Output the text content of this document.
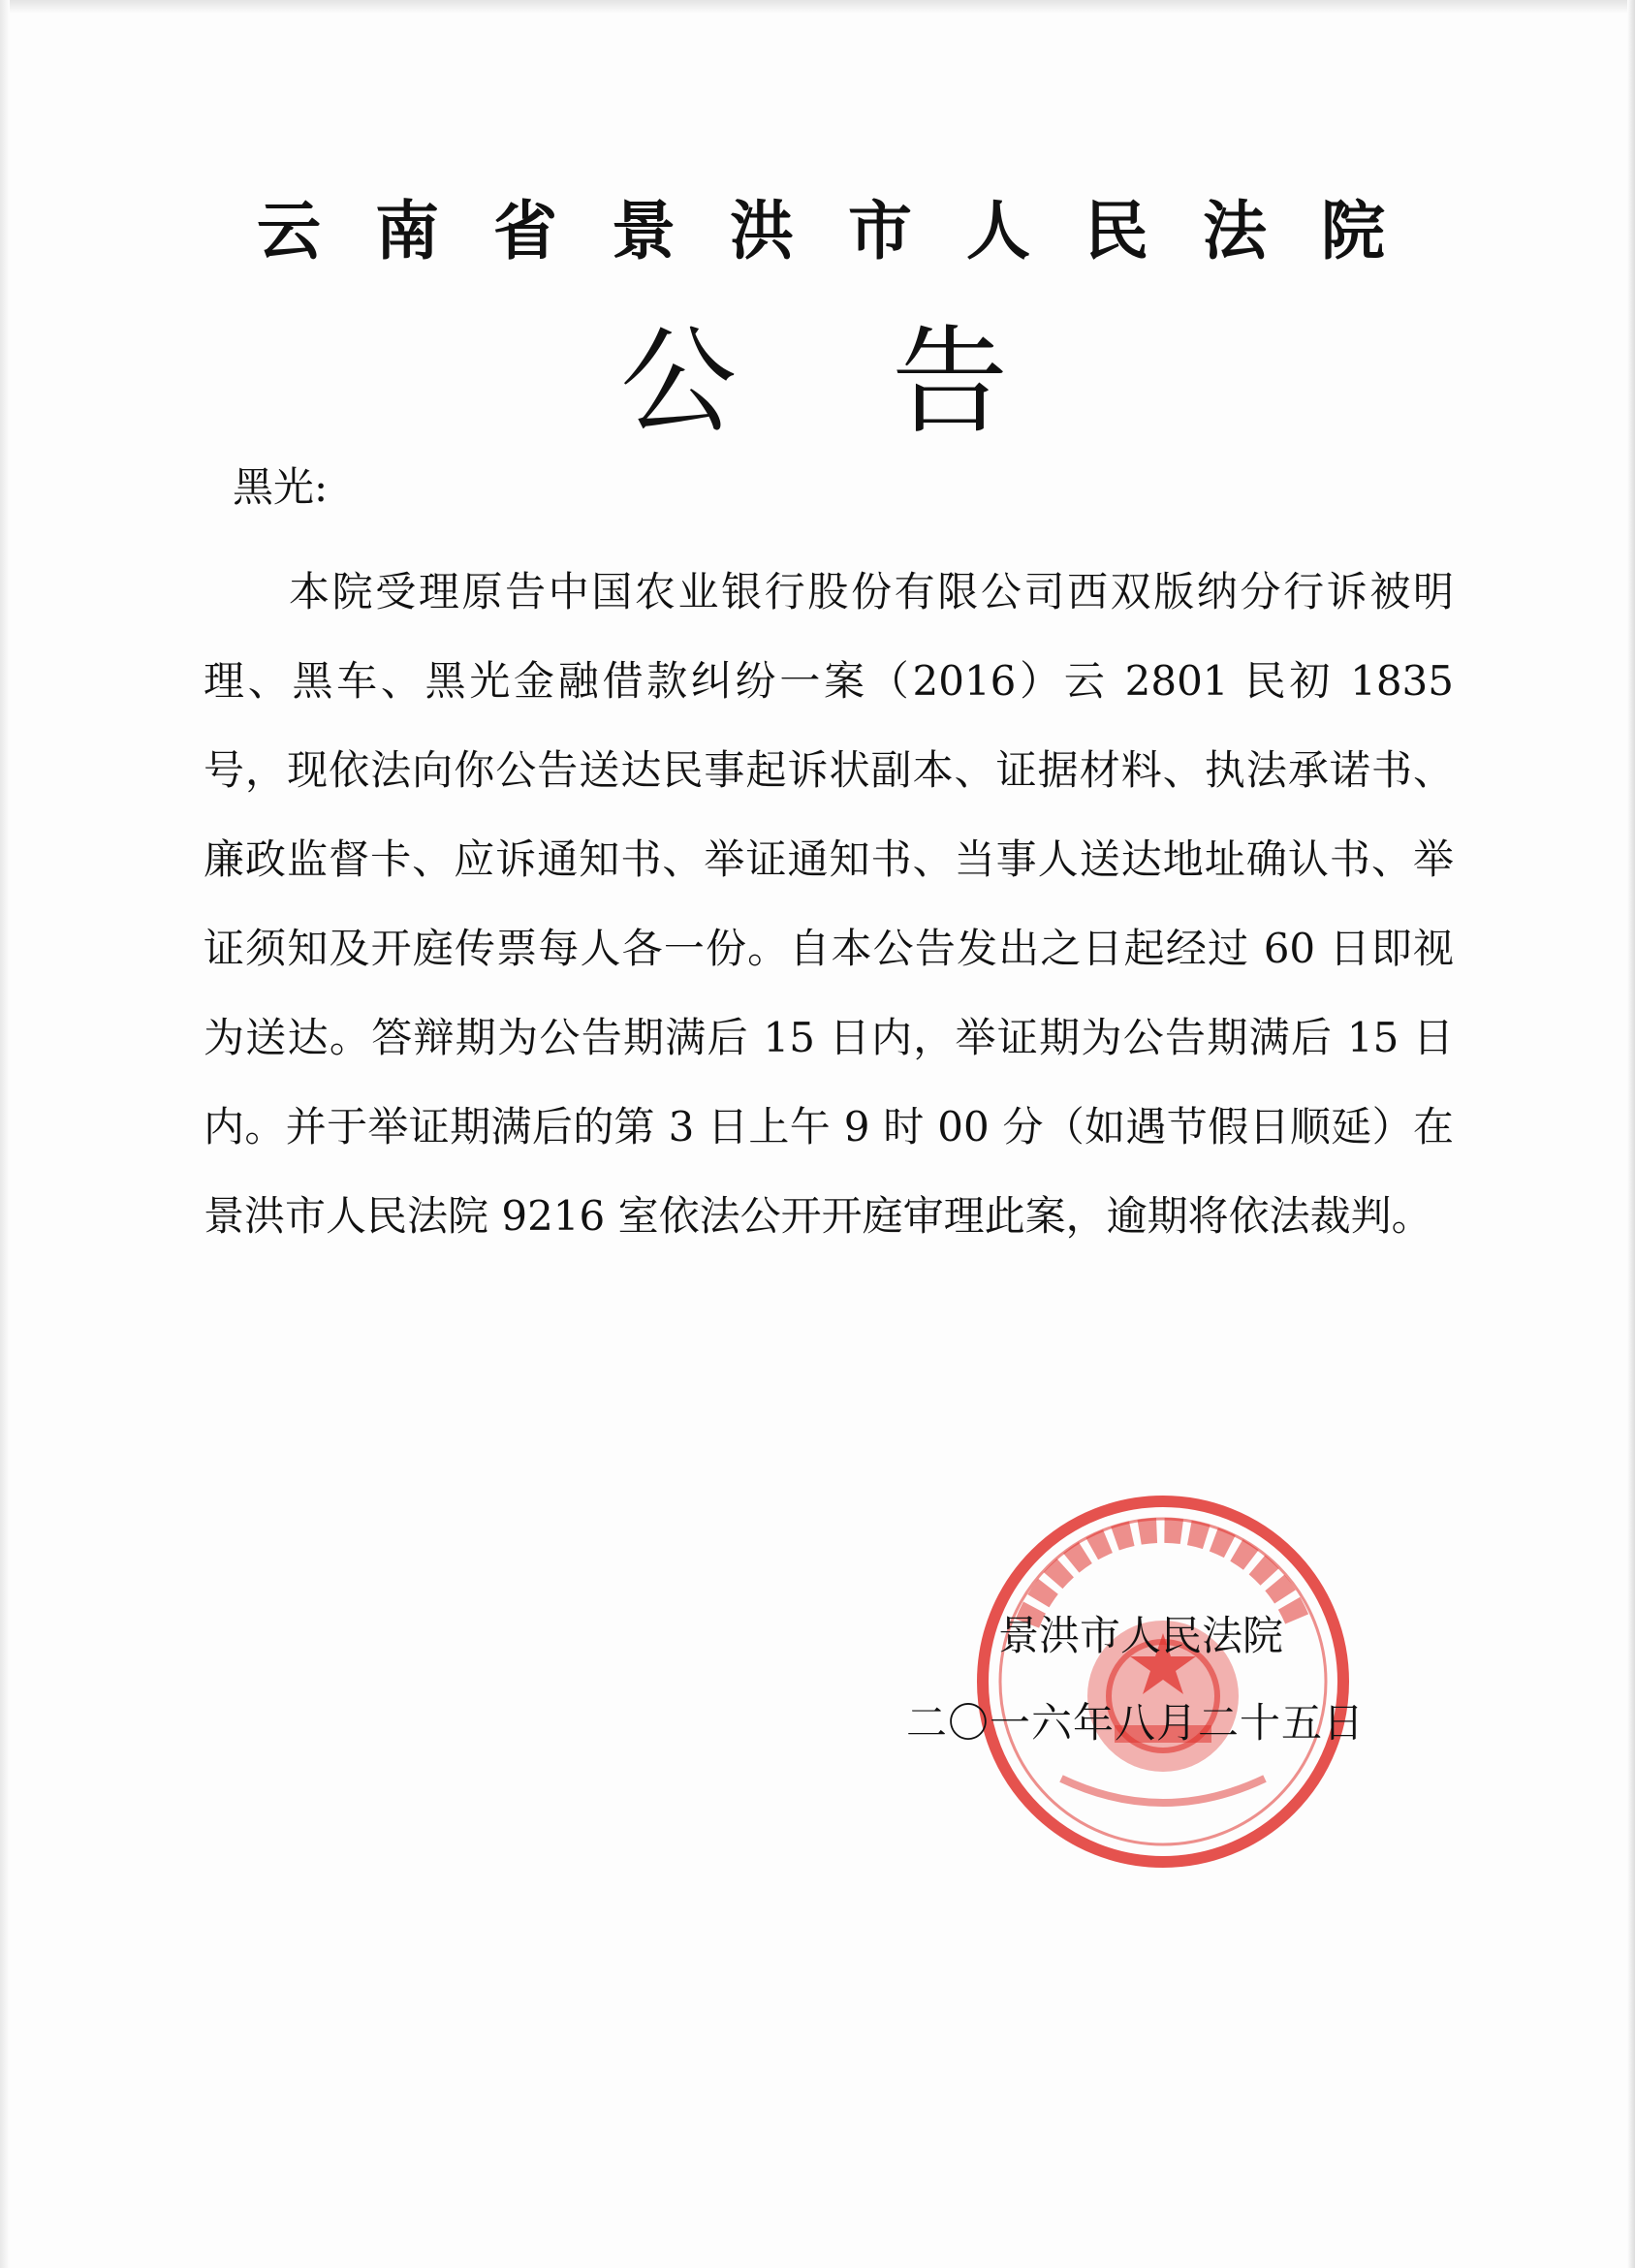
云南省景洪市人民法院
公告
黑光:
本院受理原告中国农业银行股份有限公司西双版纳分行诉被明理、黑车、黑光金融借款纠纷一案（2016）云 2801 民初 1835 号，现依法向你公告送达民事起诉状副本、证据材料、执法承诺书、廉政监督卡、应诉通知书、举证通知书、当事人送达地址确认书、举证须知及开庭传票每人各一份。自本公告发出之日起经过 60 日即视为送达。答辩期为公告期满后 15 日内，举证期为公告期满后 15 日内。并于举证期满后的第 3 日上午 9 时 00 分（如遇节假日顺延）在景洪市人民法院 9216 室依法公开开庭审理此案，逾期将依法裁判。
景洪市人民法院
二〇一六年八月二十五日
